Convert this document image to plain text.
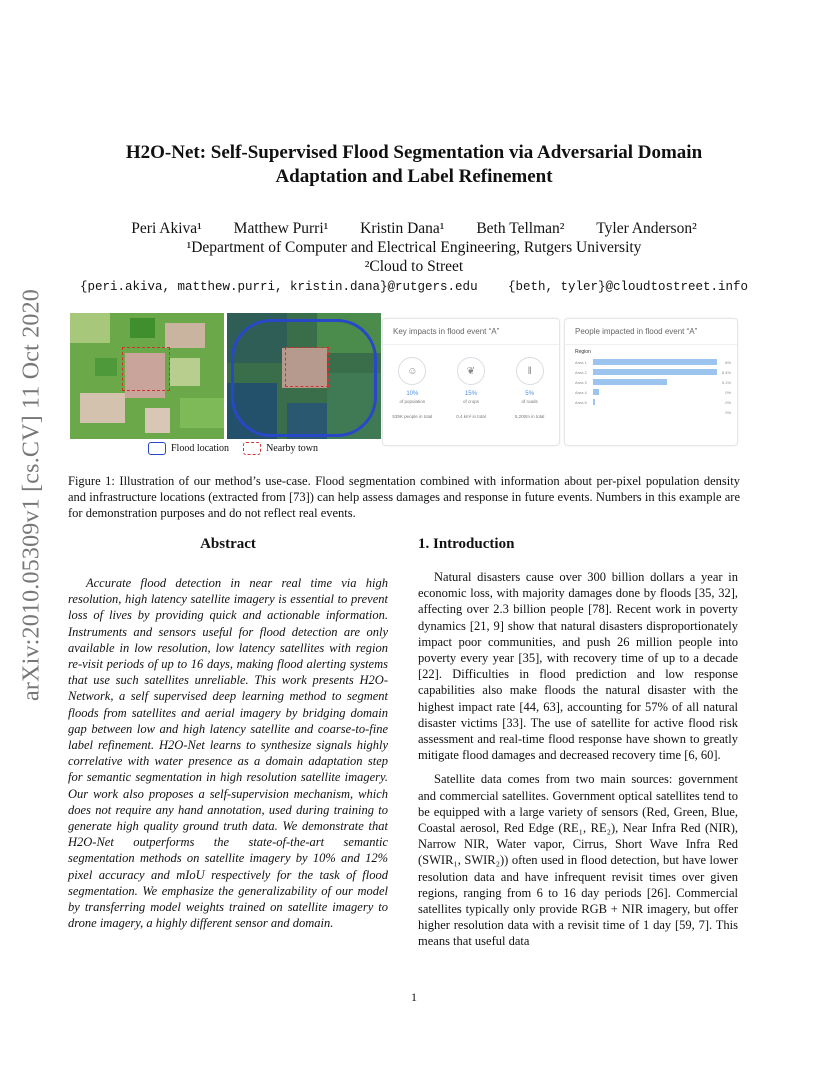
arXiv:2010.05309v1 [cs.CV] 11 Oct 2020
H2O-Net: Self-Supervised Flood Segmentation via Adversarial Domain Adaptation and Label Refinement
Peri Akiva¹ Matthew Purri¹ Kristin Dana¹ Beth Tellman² Tyler Anderson²
¹Department of Computer and Electrical Engineering, Rutgers University
²Cloud to Street
{peri.akiva, matthew.purri, kristin.dana}@rutgers.edu {beth, tyler}@cloudtostreet.info
Key impacts in flood event “A”
☺
10%
of population
539K people in total
❦
15%
of crops
0.4 km² in total
‖
5%
of roads
5,200m in total
People impacted in flood event “A”
Region
Area 1	8%
Area 2	8.4%
Area 3	5.1%
Area 4	0%
Area 5	0%
0%
Flood location	Nearby town
Figure 1: Illustration of our method’s use-case. Flood segmentation combined with information about per-pixel population density and infrastructure locations (extracted from [73]) can help assess damages and response in future events. Numbers in this example are for demonstration purposes and do not reflect real events.
Abstract
Accurate flood detection in near real time via high resolution, high latency satellite imagery is essential to prevent loss of lives by providing quick and actionable information. Instruments and sensors useful for flood detection are only available in low resolution, low latency satellites with region re-visit periods of up to 16 days, making flood alerting systems that use such satellites unreliable. This work presents H2O-Network, a self supervised deep learning method to segment floods from satellites and aerial imagery by bridging domain gap between low and high latency satellite and coarse-to-fine label refinement. H2O-Net learns to synthesize signals highly correlative with water presence as a domain adaptation step for semantic segmentation in high resolution satellite imagery. Our work also proposes a self-supervision mechanism, which does not require any hand annotation, used during training to generate high quality ground truth data. We demonstrate that H2O-Net outperforms the state-of-the-art semantic segmentation methods on satellite imagery by 10% and 12% pixel accuracy and mIoU respectively for the task of flood segmentation. We emphasize the generalizability of our model by transferring model weights trained on satellite imagery to drone imagery, a highly different sensor and domain.
1. Introduction

Natural disasters cause over 300 billion dollars a year in economic loss, with majority damages done by floods [35, 32], affecting over 2.3 billion people [78]. Recent work in poverty dynamics [21, 9] show that natural disasters disproportionately impact poor communities, and push 26 million people into poverty every year [35], with recovery time of up to a decade [22]. Difficulties in flood prediction and low response capabilities also make floods the natural disaster with the highest impact rate [44, 63], accounting for 57% of all natural disaster victims [33]. The use of satellite for active flood risk assessment and real-time flood response have shown to greatly mitigate flood damages and decreased recovery time [6, 60].

Satellite data comes from two main sources: government and commercial satellites. Government optical satellites tend to be equipped with a large variety of sensors (Red, Green, Blue, Coastal aerosol, Red Edge (RE₁, RE₂), Near Infra Red (NIR), Narrow NIR, Water vapor, Cirrus, Short Wave Infra Red (SWIR₁, SWIR₂)) often used in flood detection, but have lower resolution data and have infrequent revisit times over given regions, ranging from 6 to 16 day periods [26]. Commercial satellites typically only provide RGB + NIR imagery, but offer higher resolution data with a revisit time of 1 day [59, 7]. This means that useful data

1
